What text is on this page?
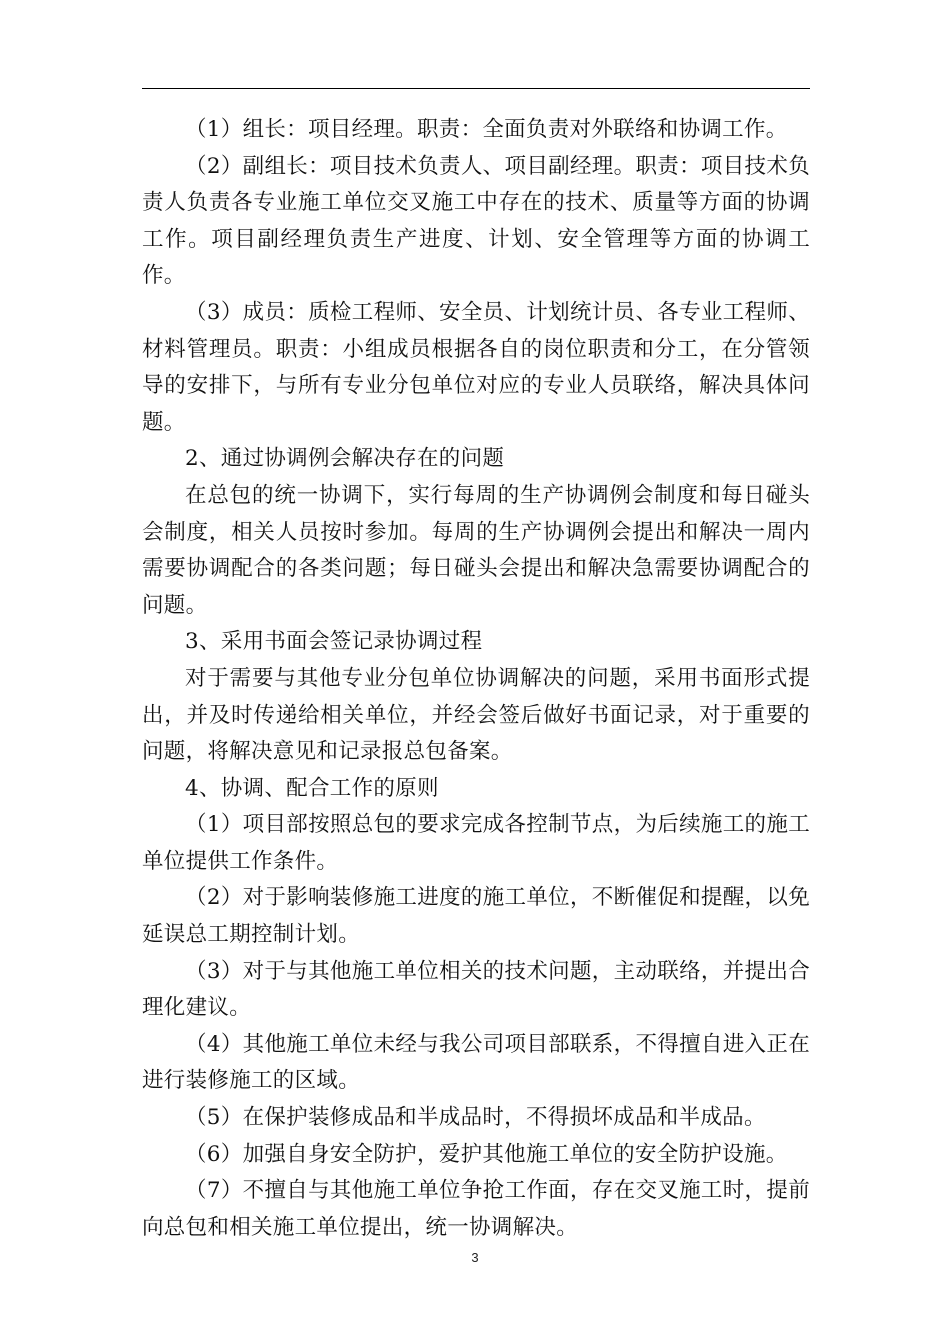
（1）组长：项目经理。职责：全面负责对外联络和协调工作。

（2）副组长：项目技术负责人、项目副经理。职责：项目技术负责人负责各专业施工单位交叉施工中存在的技术、质量等方面的协调工作。项目副经理负责生产进度、计划、安全管理等方面的协调工作。

（3）成员：质检工程师、安全员、计划统计员、各专业工程师、材料管理员。职责：小组成员根据各自的岗位职责和分工，在分管领导的安排下，与所有专业分包单位对应的专业人员联络，解决具体问题。

2、通过协调例会解决存在的问题

在总包的统一协调下，实行每周的生产协调例会制度和每日碰头会制度，相关人员按时参加。每周的生产协调例会提出和解决一周内需要协调配合的各类问题；每日碰头会提出和解决急需要协调配合的问题。

3、采用书面会签记录协调过程

对于需要与其他专业分包单位协调解决的问题，采用书面形式提出，并及时传递给相关单位，并经会签后做好书面记录，对于重要的问题，将解决意见和记录报总包备案。

4、协调、配合工作的原则

（1）项目部按照总包的要求完成各控制节点，为后续施工的施工单位提供工作条件。

（2）对于影响装修施工进度的施工单位，不断催促和提醒，以免延误总工期控制计划。

（3）对于与其他施工单位相关的技术问题，主动联络，并提出合理化建议。

（4）其他施工单位未经与我公司项目部联系，不得擅自进入正在进行装修施工的区域。

（5）在保护装修成品和半成品时，不得损坏成品和半成品。

（6）加强自身安全防护，爱护其他施工单位的安全防护设施。

（7）不擅自与其他施工单位争抢工作面，存在交叉施工时，提前向总包和相关施工单位提出，统一协调解决。

3
